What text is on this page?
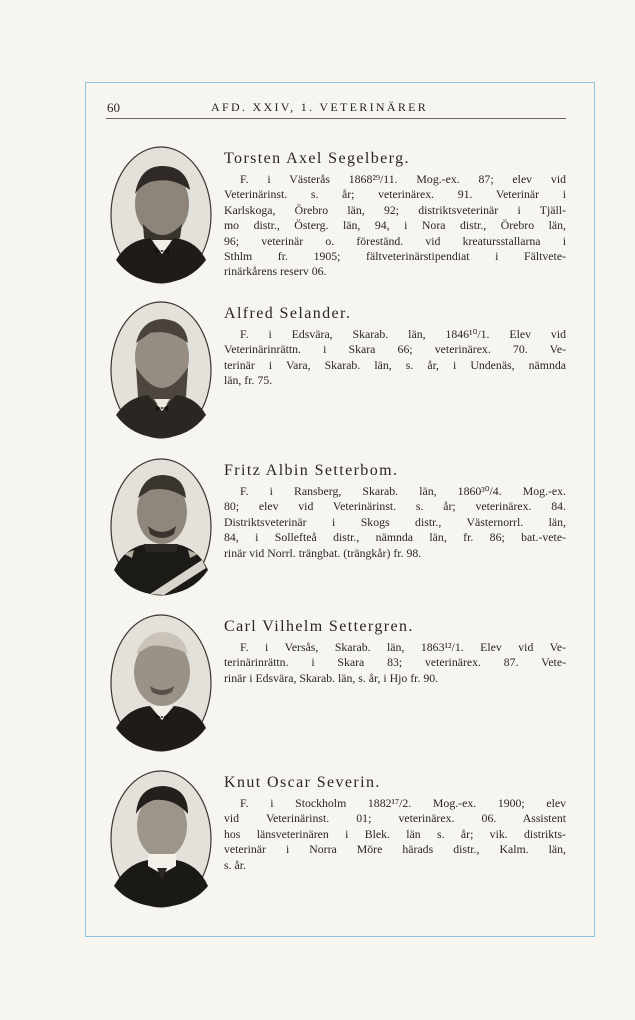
60	AFD. XXIV, 1. VETERINÄRER
Torsten Axel Segelberg.
F. i Västerås 1868²⁹/11. Mog.-ex. 87; elev vid
Veterinärinst. s. år; veterinärex. 91. Veterinär i
Karlskoga, Örebro län, 92; distriktsveterinär i Tjäll-
mo distr., Österg. län, 94, i Nora distr., Örebro län,
96; veterinär o. föreständ. vid kreatursstallarna i
Sthlm fr. 1905; fältveterinärstipendiat i Fältvete-
rinärkårens reserv 06.
Alfred Selander.
F. i Edsvära, Skarab. län, 1846¹⁰/1. Elev vid
Veterinärinrättn. i Skara 66; veterinärex. 70. Ve-
terinär i Vara, Skarab. län, s. år, i Undenäs, nämnda
län, fr. 75.
Fritz Albin Setterbom.
F. i Ransberg, Skarab. län, 1860³⁰/4. Mog.-ex.
80; elev vid Veterinärinst. s. år; veterinärex. 84.
Distriktsveterinär i Skogs distr., Västernorrl. län,
84, i Sollefteå distr., nämnda län, fr. 86; bat.-vete-
rinär vid Norrl. trängbat. (trängkår) fr. 98.
Carl Vilhelm Settergren.
F. i Versås, Skarab. län, 1863¹²/1. Elev vid Ve-
terinärinrättn. i Skara 83; veterinärex. 87. Vete-
rinär i Edsvära, Skarab. län, s. år, i Hjo fr. 90.
Knut Oscar Severin.
F. i Stockholm 1882¹⁷/2. Mog.-ex. 1900; elev
vid Veterinärinst. 01; veterinärex. 06. Assistent
hos länsveterinären i Blek. län s. år; vik. distrikts-
veterinär i Norra Möre härads distr., Kalm. län,
s. år.
